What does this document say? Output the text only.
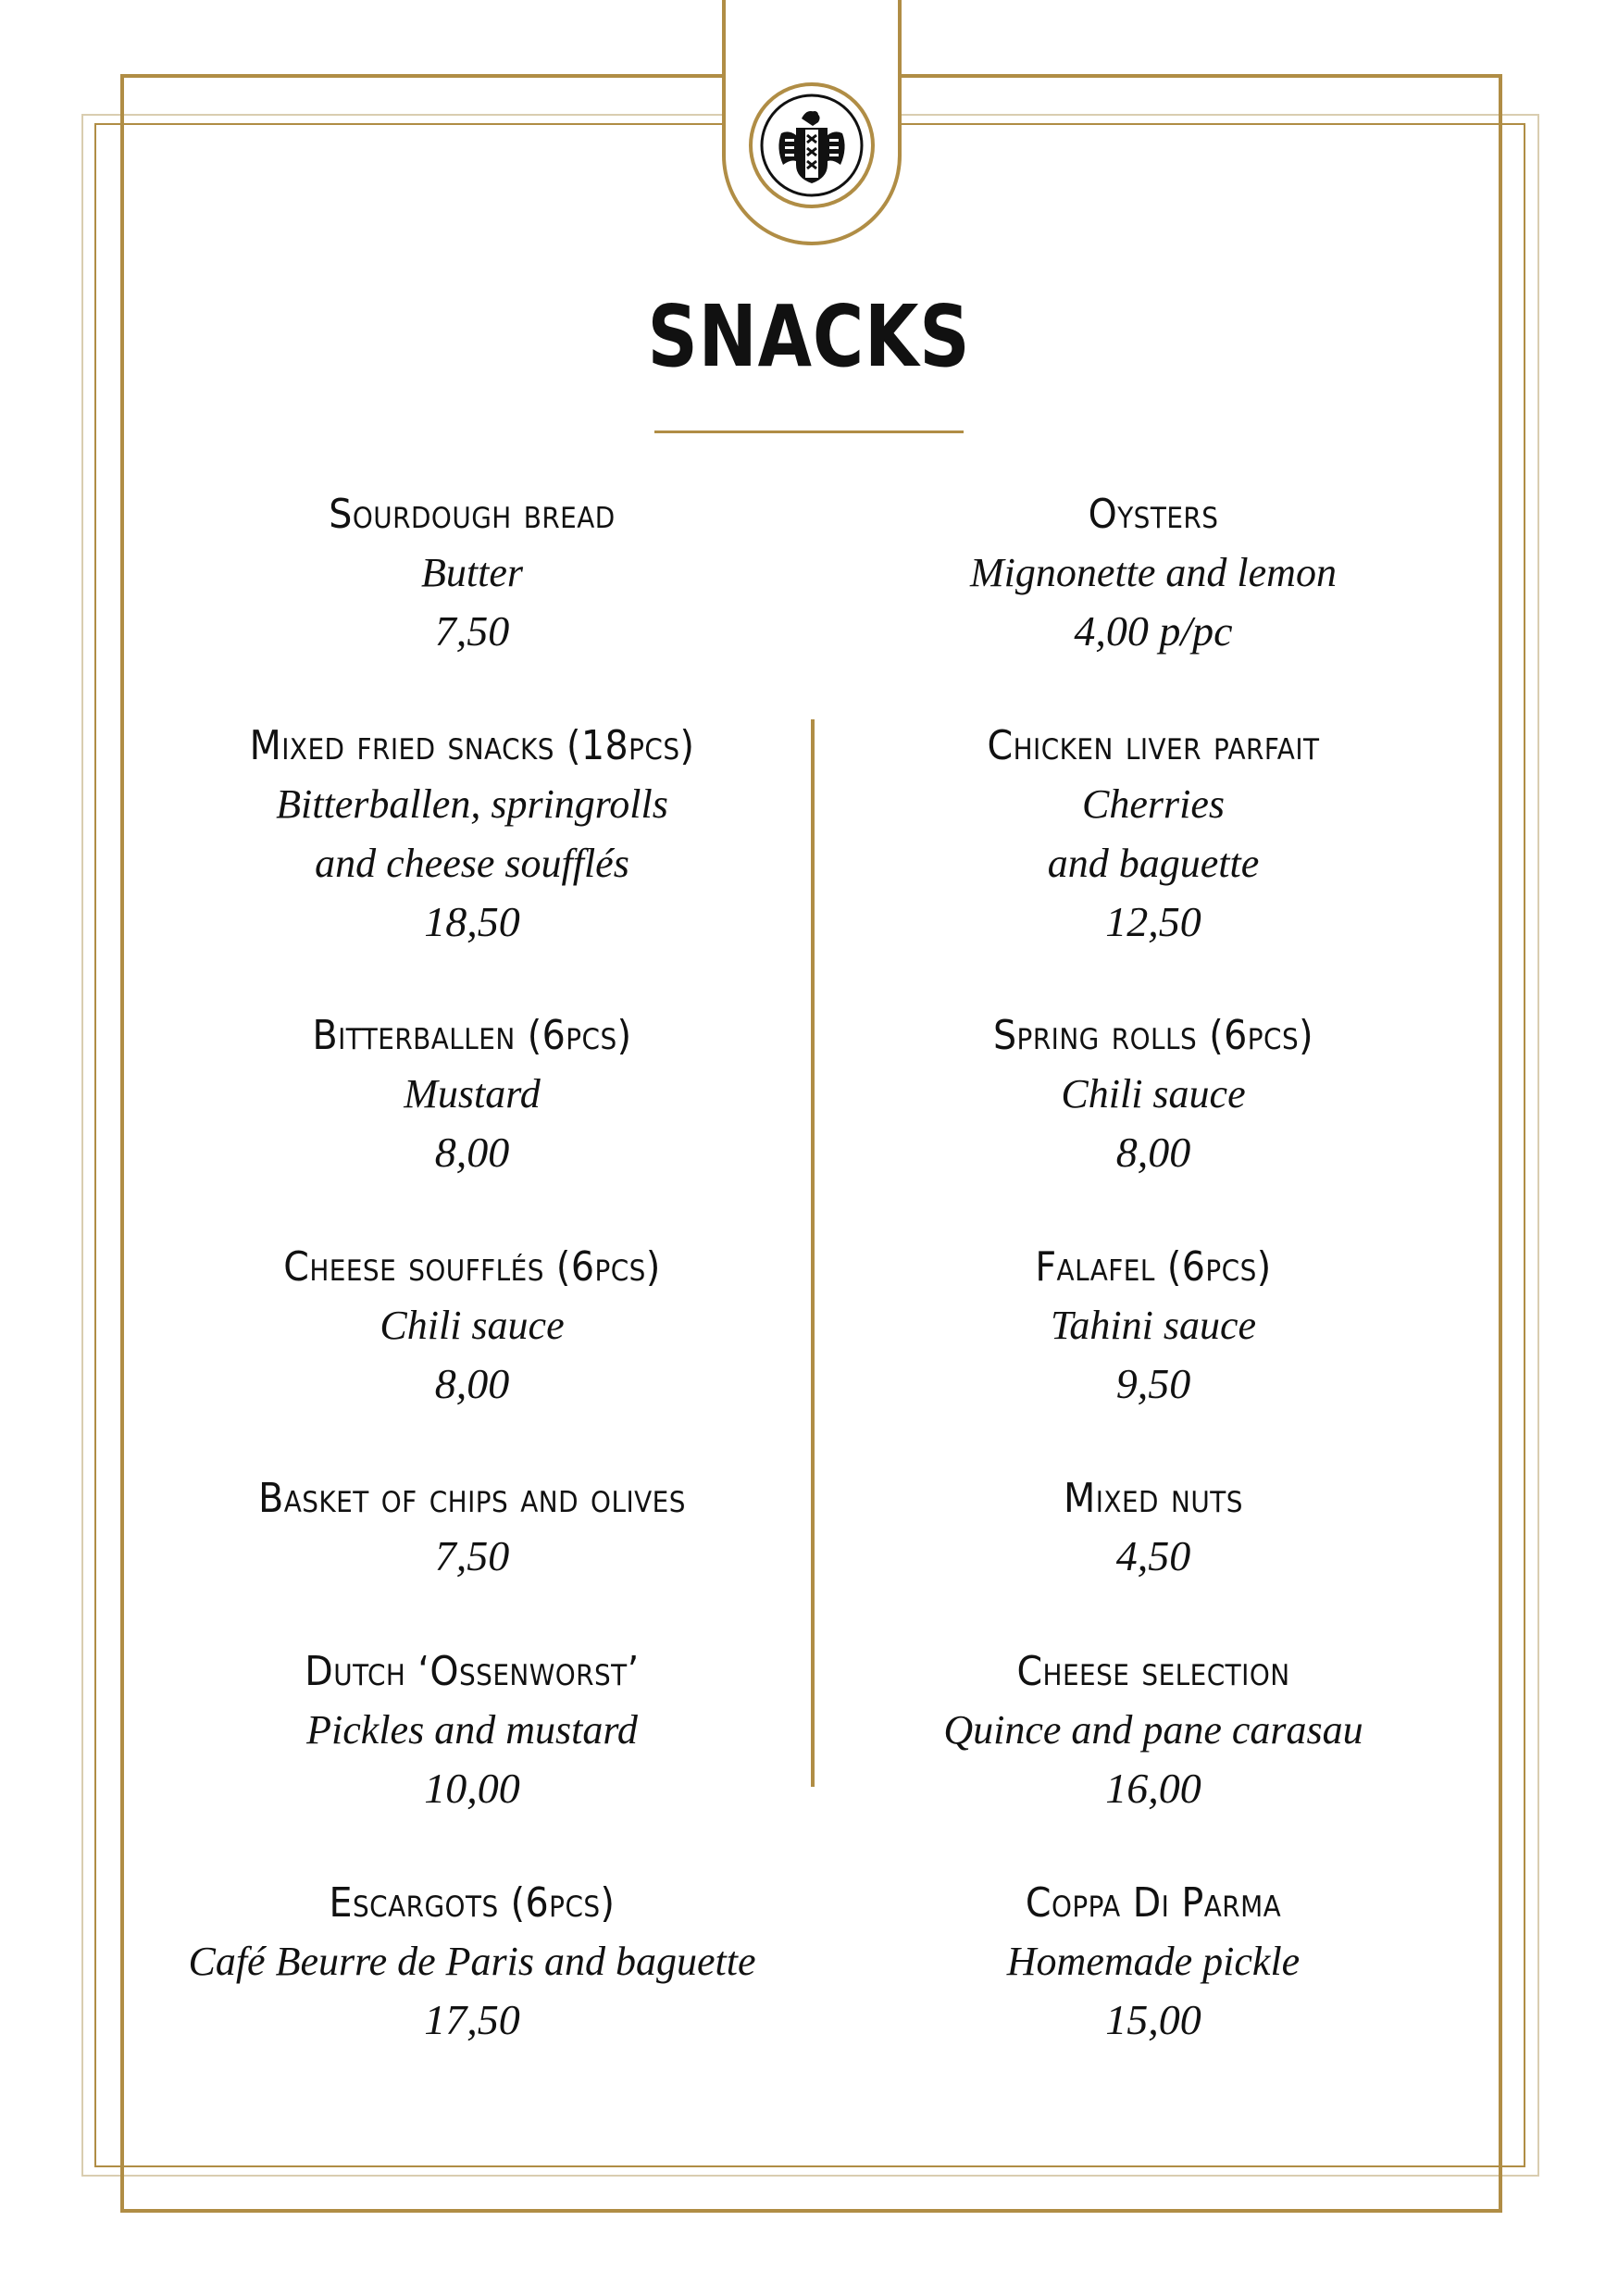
SNACKS
Sourdough bread
Butter
7,50
Mixed fried snacks (18pcs)
Bitterballen, springrolls
and cheese soufflés
18,50
Bitterballen (6pcs)
Mustard
8,00
Cheese soufflés (6pcs)
Chili sauce
8,00
Basket of chips and olives
7,50
Dutch ‘Ossenworst’
Pickles and mustard
10,00
Escargots (6pcs)
Café Beurre de Paris and baguette
17,50
Oysters
Mignonette and lemon
4,00 p/pc
Chicken liver parfait
Cherries
and baguette
12,50
Spring rolls (6pcs)
Chili sauce
8,00
Falafel (6pcs)
Tahini sauce
9,50
Mixed nuts
4,50
Cheese selection
Quince and pane carasau
16,00
Coppa Di Parma
Homemade pickle
15,00
